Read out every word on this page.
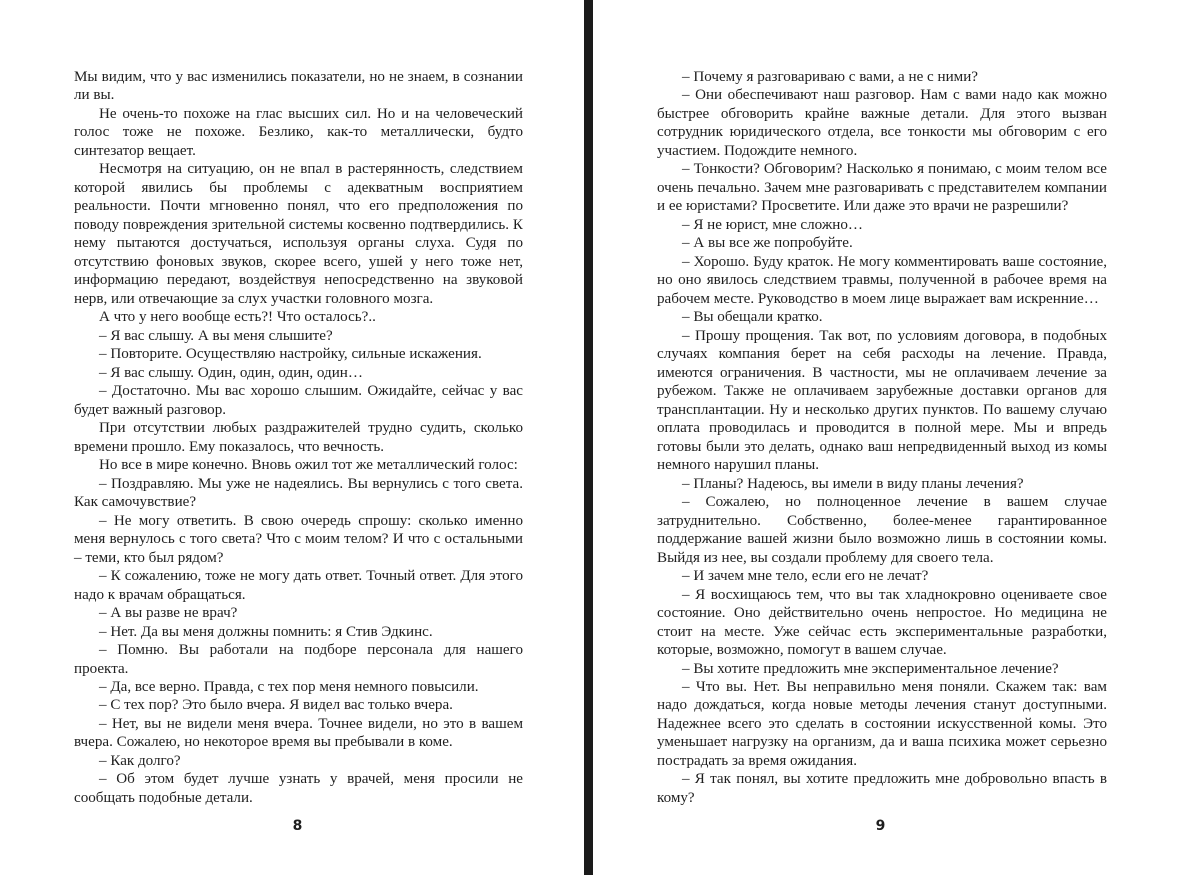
Мы видим, что у вас изменились показатели, но не знаем, в сознании ли вы.

Не очень-то похоже на глас высших сил. Но и на человеческий голос тоже не похоже. Безлико, как-то металлически, будто синтезатор вещает.

Несмотря на ситуацию, он не впал в растерянность, следствием которой явились бы проблемы с адекватным восприятием реальности. Почти мгновенно понял, что его предположения по поводу повреждения зрительной системы косвенно подтвердились. К нему пытаются достучаться, используя органы слуха. Судя по отсутствию фоновых звуков, скорее всего, ушей у него тоже нет, информацию передают, воздействуя непосредственно на звуковой нерв, или отвечающие за слух участки головного мозга.

А что у него вообще есть?! Что осталось?..

– Я вас слышу. А вы меня слышите?

– Повторите. Осуществляю настройку, сильные искажения.

– Я вас слышу. Один, один, один, один…

– Достаточно. Мы вас хорошо слышим. Ожидайте, сейчас у вас будет важный разговор.

При отсутствии любых раздражителей трудно судить, сколько времени прошло. Ему показалось, что вечность.

Но все в мире конечно. Вновь ожил тот же металлический голос:

– Поздравляю. Мы уже не надеялись. Вы вернулись с того света. Как самочувствие?

– Не могу ответить. В свою очередь спрошу: сколько именно меня вернулось с того света? Что с моим телом? И что с остальными – теми, кто был рядом?

– К сожалению, тоже не могу дать ответ. Точный ответ. Для этого надо к врачам обращаться.

– А вы разве не врач?

– Нет. Да вы меня должны помнить: я Стив Эдкинс.

– Помню. Вы работали на подборе персонала для нашего проекта.

– Да, все верно. Правда, с тех пор меня немного повысили.

– С тех пор? Это было вчера. Я видел вас только вчера.

– Нет, вы не видели меня вчера. Точнее видели, но это в вашем вчера. Сожалею, но некоторое время вы пребывали в коме.

– Как долго?

– Об этом будет лучше узнать у врачей, меня просили не сообщать подобные детали.

8

– Почему я разговариваю с вами, а не с ними?

– Они обеспечивают наш разговор. Нам с вами надо как можно быстрее обговорить крайне важные детали. Для этого вызван сотрудник юридического отдела, все тонкости мы обговорим с его участием. Подождите немного.

– Тонкости? Обговорим? Насколько я понимаю, с моим телом все очень печально. Зачем мне разговаривать с представителем компании и ее юристами? Просветите. Или даже это врачи не разрешили?

– Я не юрист, мне сложно…

– А вы все же попробуйте.

– Хорошо. Буду краток. Не могу комментировать ваше состояние, но оно явилось следствием травмы, полученной в рабочее время на рабочем месте. Руководство в моем лице выражает вам искренние…

– Вы обещали кратко.

– Прошу прощения. Так вот, по условиям договора, в подобных случаях компания берет на себя расходы на лечение. Правда, имеются ограничения. В частности, мы не оплачиваем лечение за рубежом. Также не оплачиваем зарубежные доставки органов для трансплантации. Ну и несколько других пунктов. По вашему случаю оплата проводилась и проводится в полной мере. Мы и впредь готовы были это делать, однако ваш непредвиденный выход из комы немного нарушил планы.

– Планы? Надеюсь, вы имели в виду планы лечения?

– Сожалею, но полноценное лечение в вашем случае затруднительно. Собственно, более-менее гарантированное поддержание вашей жизни было возможно лишь в состоянии комы. Выйдя из нее, вы создали проблему для своего тела.

– И зачем мне тело, если его не лечат?

– Я восхищаюсь тем, что вы так хладнокровно оцениваете свое состояние. Оно действительно очень непростое. Но медицина не стоит на месте. Уже сейчас есть экспериментальные разработки, которые, возможно, помогут в вашем случае.

– Вы хотите предложить мне экспериментальное лечение?

– Что вы. Нет. Вы неправильно меня поняли. Скажем так: вам надо дождаться, когда новые методы лечения станут доступными. Надежнее всего это сделать в состоянии искусственной комы. Это уменьшает нагрузку на организм, да и ваша психика может серьезно пострадать за время ожидания.

– Я так понял, вы хотите предложить мне добровольно впасть в кому?

9
